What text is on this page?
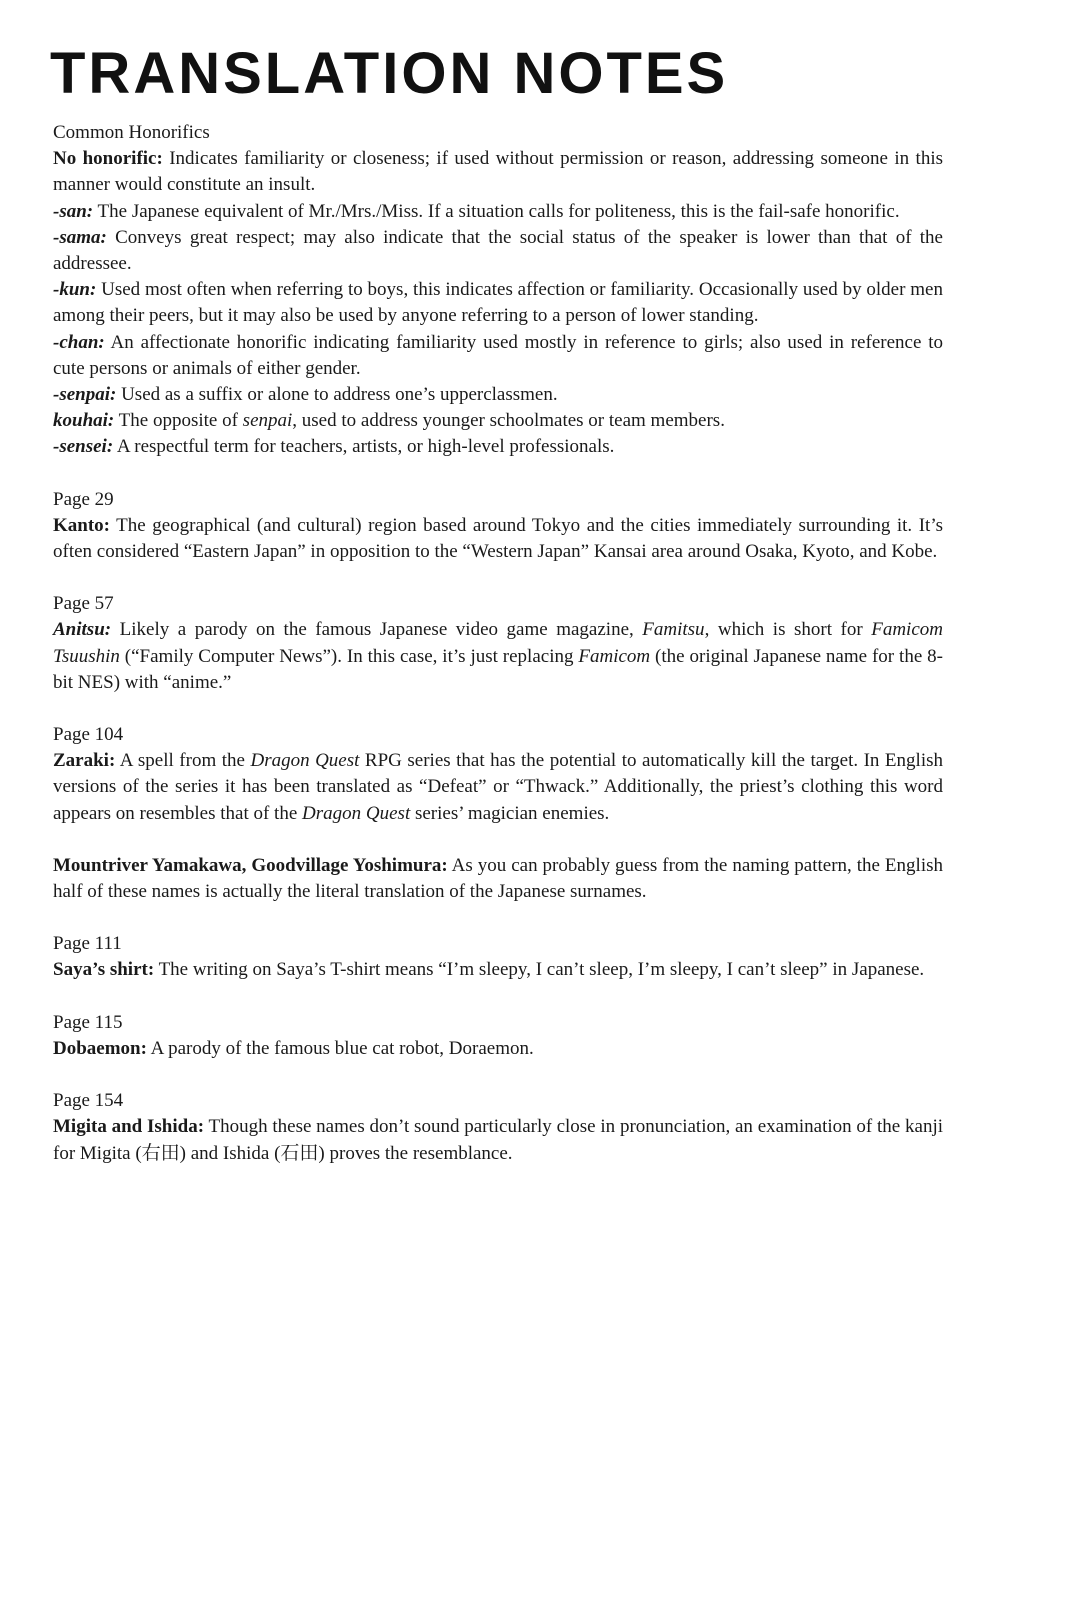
TRANSLATION NOTES

Common Honorifics

No honorific: Indicates familiarity or closeness; if used without permission or reason, addressing someone in this manner would constitute an insult.

-san: The Japanese equivalent of Mr./Mrs./Miss. If a situation calls for politeness, this is the fail-safe honorific.

-sama: Conveys great respect; may also indicate that the social status of the speaker is lower than that of the addressee.

-kun: Used most often when referring to boys, this indicates affection or familiarity. Occasionally used by older men among their peers, but it may also be used by anyone referring to a person of lower standing.

-chan: An affectionate honorific indicating familiarity used mostly in reference to girls; also used in reference to cute persons or animals of either gender.

-senpai: Used as a suffix or alone to address one’s upperclassmen.

kouhai: The opposite of senpai, used to address younger schoolmates or team members.

-sensei: A respectful term for teachers, artists, or high-level professionals.

Page 29

Kanto: The geographical (and cultural) region based around Tokyo and the cities immediately surrounding it. It’s often considered “Eastern Japan” in opposition to the “Western Japan” Kansai area around Osaka, Kyoto, and Kobe.

Page 57

Anitsu: Likely a parody on the famous Japanese video game magazine, Famitsu, which is short for Famicom Tsuushin (“Family Computer News”). In this case, it’s just replacing Famicom (the original Japanese name for the 8-bit NES) with “anime.”

Page 104

Zaraki: A spell from the Dragon Quest RPG series that has the potential to automatically kill the target. In English versions of the series it has been translated as “Defeat” or “Thwack.” Additionally, the priest’s clothing this word appears on resembles that of the Dragon Quest series’ magician enemies.

Mountriver Yamakawa, Goodvillage Yoshimura: As you can probably guess from the naming pattern, the English half of these names is actually the literal translation of the Japanese surnames.

Page 111

Saya’s shirt: The writing on Saya’s T-shirt means “I’m sleepy, I can’t sleep, I’m sleepy, I can’t sleep” in Japanese.

Page 115

Dobaemon: A parody of the famous blue cat robot, Doraemon.

Page 154

Migita and Ishida: Though these names don’t sound particularly close in pronunciation, an examination of the kanji for Migita (右田) and Ishida (石田) proves the resemblance.
